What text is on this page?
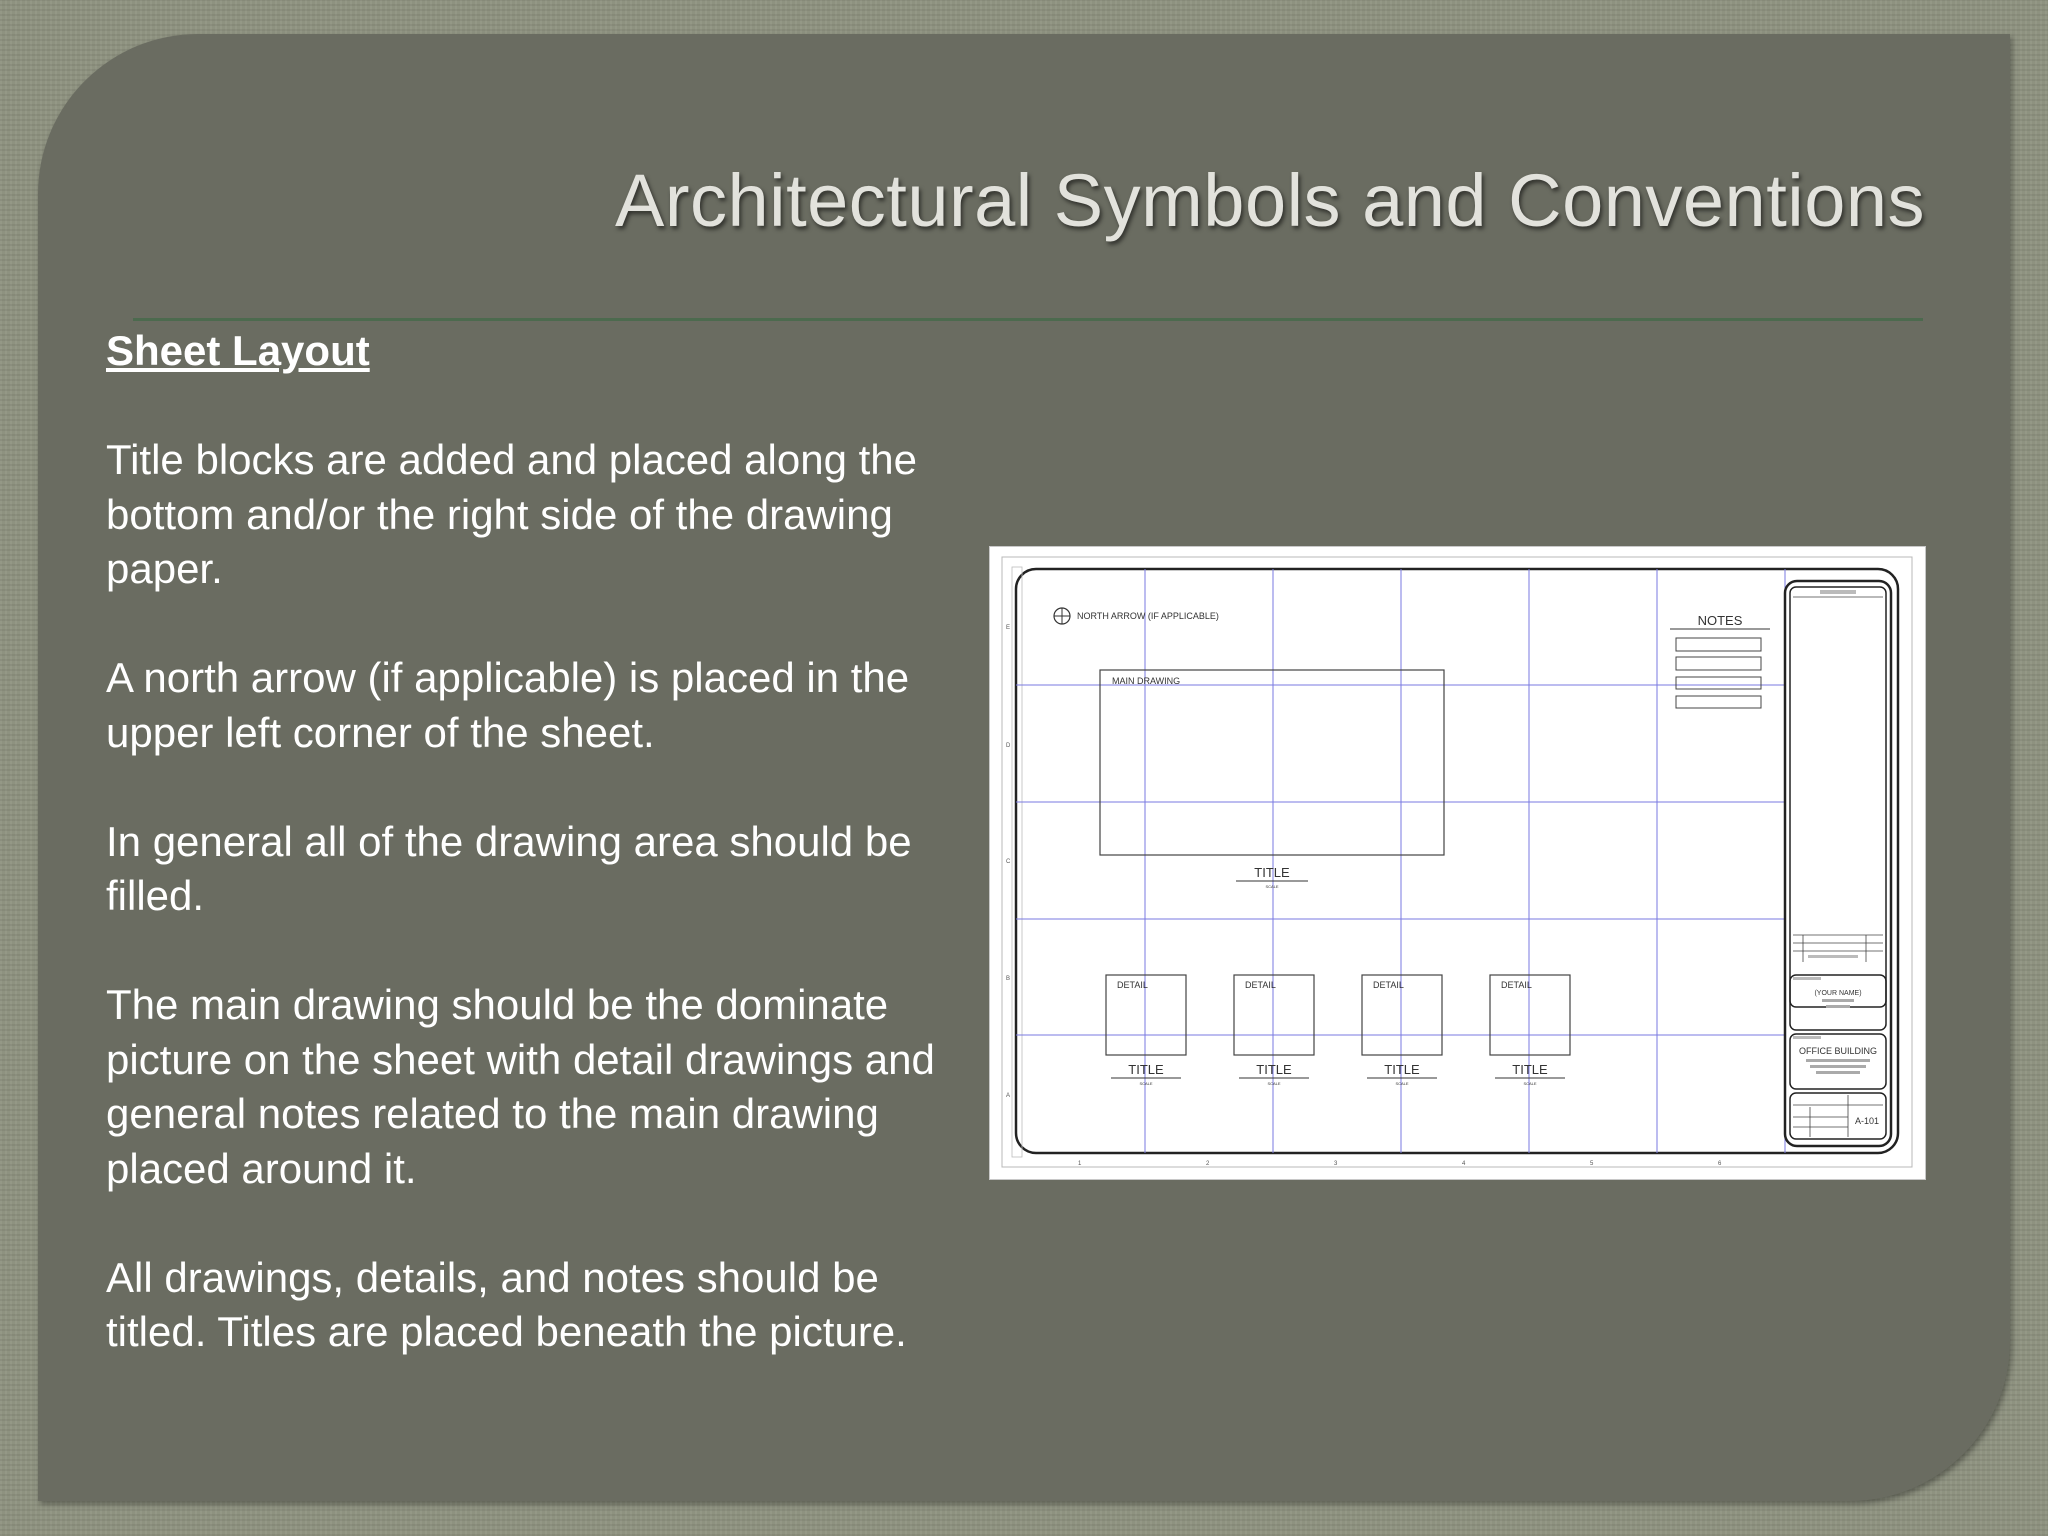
Architectural Symbols and Conventions
Sheet Layout

Title blocks are added and placed along the bottom and/or the right side of the drawing paper.

A north arrow (if applicable) is placed in the upper left corner of the sheet.

In general all of the drawing area should be filled.

The main drawing should be the dominate picture on the sheet with detail drawings and general notes related to the main drawing placed around it.

All drawings, details, and notes should be titled. Titles are placed beneath the picture.

E
D
C
B
A
1	2	3	4	5	6
NORTH ARROW (IF APPLICABLE)
MAIN DRAWING
TITLE
SCALE
NOTES
DETAIL
TITLE
SCALE
DETAIL
TITLE
SCALE
DETAIL
TITLE
SCALE
DETAIL
TITLE
SCALE
(YOUR NAME)
OFFICE BUILDING
A-101
